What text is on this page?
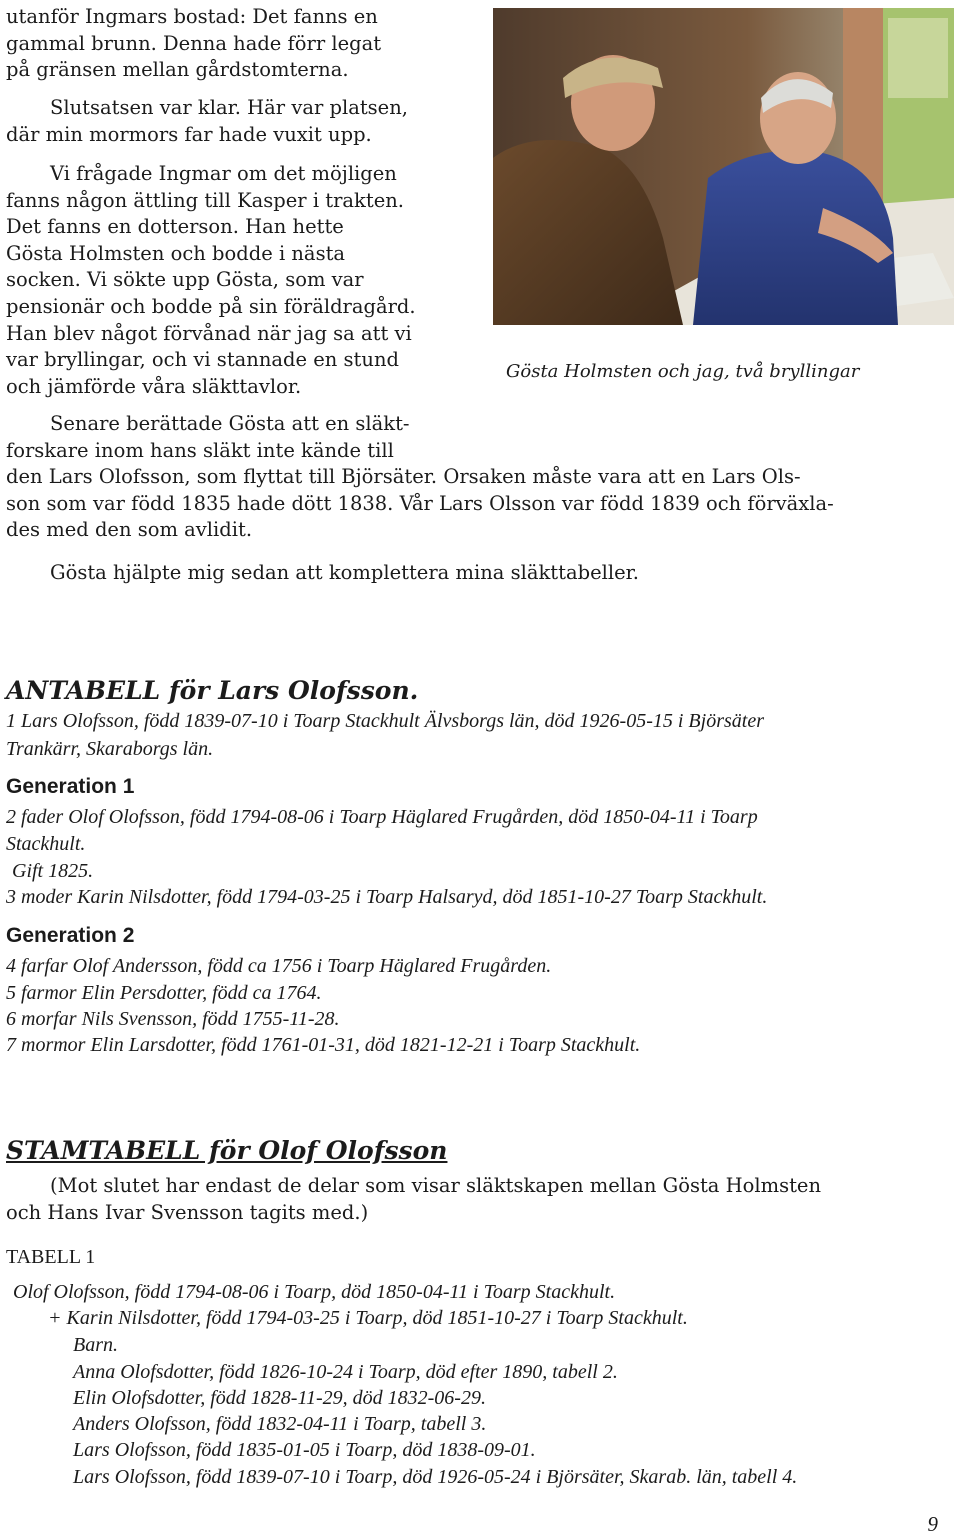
utanför Ingmars bostad: Det fanns en
gammal brunn. Denna hade förr legat
på gränsen mellan gårdstomterna.
Slutsatsen var klar. Här var platsen,
där min mormors far hade vuxit upp.
Vi frågade Ingmar om det möjligen
fanns någon ättling till Kasper i trakten.
Det fanns en dotterson. Han hette
Gösta Holmsten och bodde i nästa
socken. Vi sökte upp Gösta, som var
pensionär och bodde på sin föräldragård.
Han blev något förvånad när jag sa att vi
var bryllingar, och vi stannade en stund
och jämförde våra släkttavlor.
Senare berättade Gösta att en släkt-
forskare inom hans släkt inte kände till
den Lars Olofsson, som flyttat till Björsäter. Orsaken måste vara att en Lars Ols-
son som var född 1835 hade dött 1838. Vår Lars Olsson var född 1839 och förväxla-
des med den som avlidit.
Gösta hjälpte mig sedan att komplettera mina släkttabeller.
Gösta Holmsten och jag, två bryllingar
ANTABELL för Lars Olofsson.
1 Lars Olofsson, född 1839-07-10 i Toarp Stackhult Älvsborgs län, död 1926-05-15 i Björsäter
Trankärr, Skaraborgs län.
Generation 1
2 fader Olof Olofsson, född 1794-08-06 i Toarp Häglared Frugården, död 1850-04-11 i Toarp
Stackhult.
Gift 1825.
3 moder Karin Nilsdotter, född 1794-03-25 i Toarp Halsaryd, död 1851-10-27 Toarp Stackhult.
Generation 2
4 farfar Olof Andersson, född ca 1756 i Toarp Häglared Frugården.
5 farmor Elin Persdotter, född ca 1764.
6 morfar Nils Svensson, född 1755-11-28.
7 mormor Elin Larsdotter, född 1761-01-31, död 1821-12-21 i Toarp Stackhult.
STAMTABELL för Olof Olofsson
(Mot slutet har endast de delar som visar släktskapen mellan Gösta Holmsten
och Hans Ivar Svensson tagits med.)
TABELL 1
Olof Olofsson, född 1794-08-06 i Toarp, död 1850-04-11 i Toarp Stackhult.
+ Karin Nilsdotter, född 1794-03-25 i Toarp, död 1851-10-27 i Toarp Stackhult.
Barn.
Anna Olofsdotter, född 1826-10-24 i Toarp, död efter 1890, tabell 2.
Elin Olofsdotter, född 1828-11-29, död 1832-06-29.
Anders Olofsson, född 1832-04-11 i Toarp, tabell 3.
Lars Olofsson, född 1835-01-05 i Toarp, död 1838-09-01.
Lars Olofsson, född 1839-07-10 i Toarp, död 1926-05-24 i Björsäter, Skarab. län, tabell 4.
9
